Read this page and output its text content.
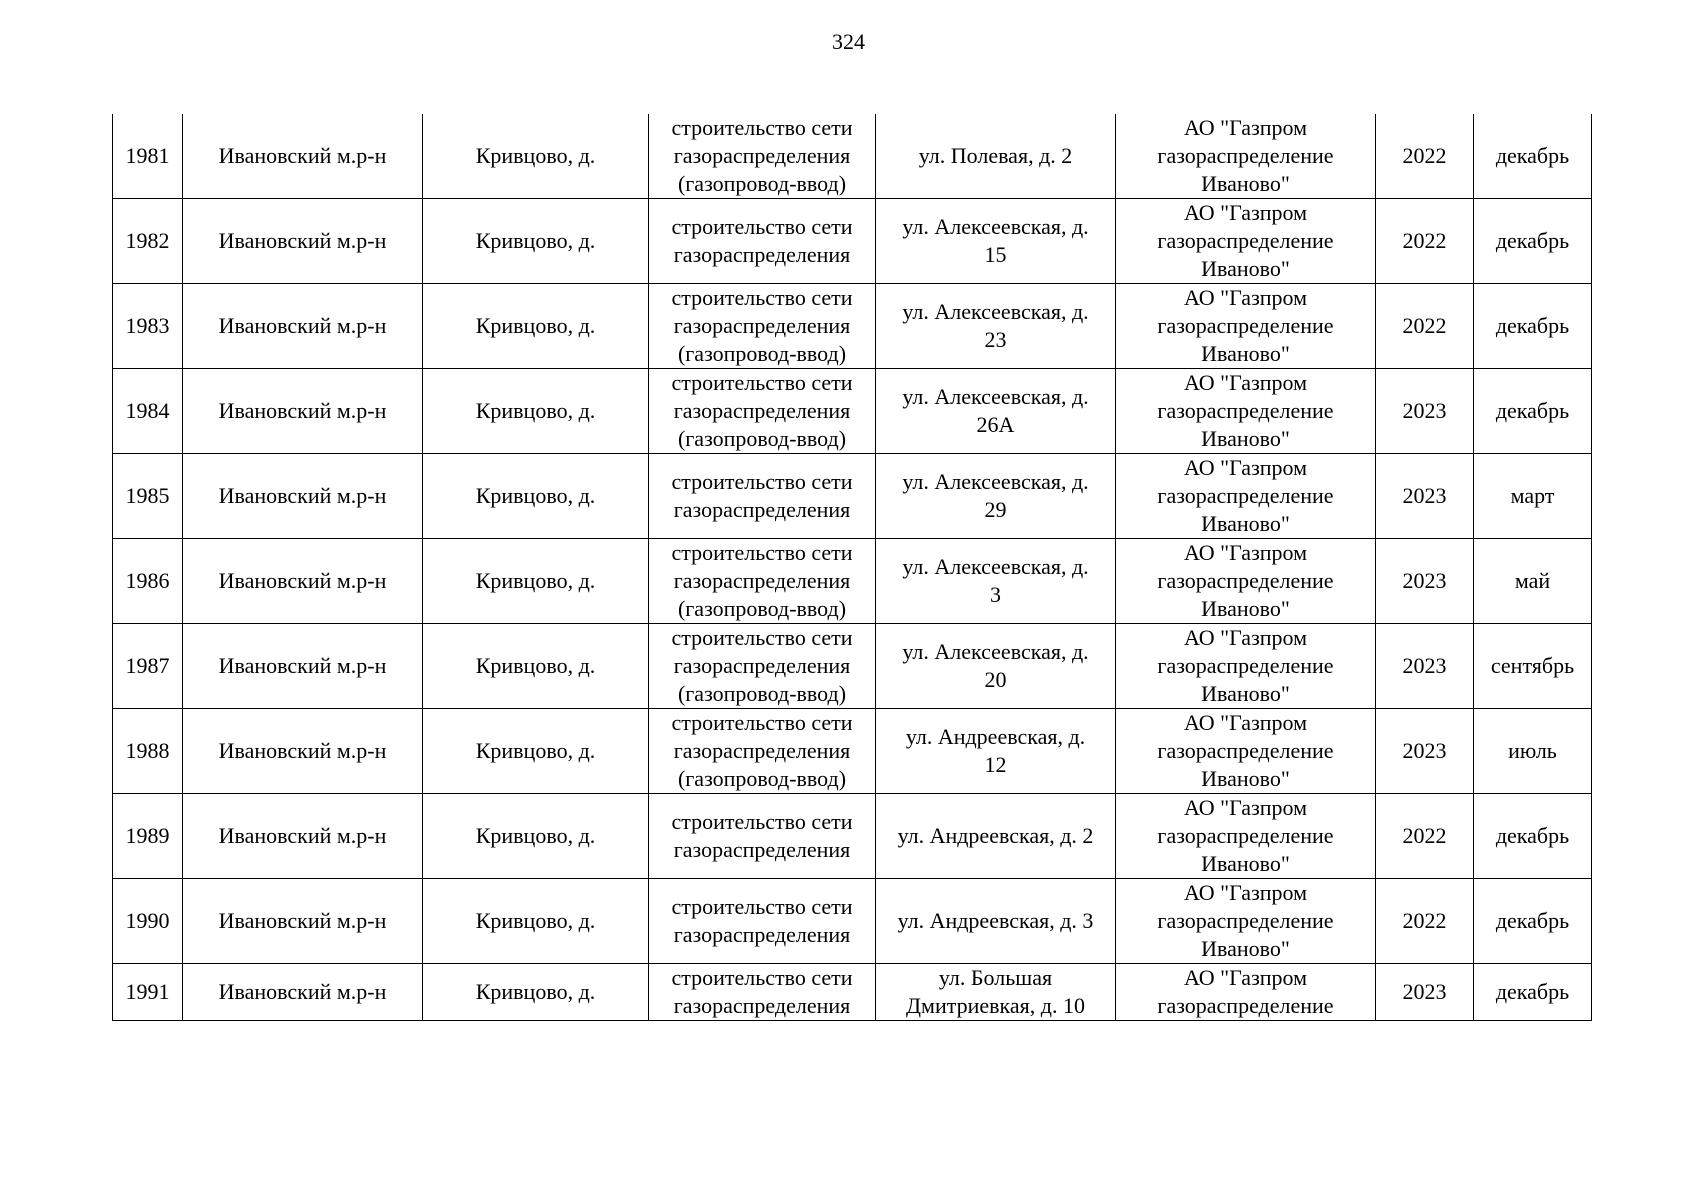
324
1981	Ивановский м.р-н	Кривцово, д.	строительство сети
газораспределения
(газопровод-ввод)	ул. Полевая, д. 2	АО "Газпром
газораспределение
Иваново"	2022	декабрь
1982	Ивановский м.р-н	Кривцово, д.	строительство сети
газораспределения	ул. Алексеевская, д.
15	АО "Газпром
газораспределение
Иваново"	2022	декабрь
1983	Ивановский м.р-н	Кривцово, д.	строительство сети
газораспределения
(газопровод-ввод)	ул. Алексеевская, д.
23	АО "Газпром
газораспределение
Иваново"	2022	декабрь
1984	Ивановский м.р-н	Кривцово, д.	строительство сети
газораспределения
(газопровод-ввод)	ул. Алексеевская, д.
26А	АО "Газпром
газораспределение
Иваново"	2023	декабрь
1985	Ивановский м.р-н	Кривцово, д.	строительство сети
газораспределения	ул. Алексеевская, д.
29	АО "Газпром
газораспределение
Иваново"	2023	март
1986	Ивановский м.р-н	Кривцово, д.	строительство сети
газораспределения
(газопровод-ввод)	ул. Алексеевская, д.
3	АО "Газпром
газораспределение
Иваново"	2023	май
1987	Ивановский м.р-н	Кривцово, д.	строительство сети
газораспределения
(газопровод-ввод)	ул. Алексеевская, д.
20	АО "Газпром
газораспределение
Иваново"	2023	сентябрь
1988	Ивановский м.р-н	Кривцово, д.	строительство сети
газораспределения
(газопровод-ввод)	ул. Андреевская, д.
12	АО "Газпром
газораспределение
Иваново"	2023	июль
1989	Ивановский м.р-н	Кривцово, д.	строительство сети
газораспределения	ул. Андреевская, д. 2	АО "Газпром
газораспределение
Иваново"	2022	декабрь
1990	Ивановский м.р-н	Кривцово, д.	строительство сети
газораспределения	ул. Андреевская, д. 3	АО "Газпром
газораспределение
Иваново"	2022	декабрь
1991	Ивановский м.р-н	Кривцово, д.	строительство сети
газораспределения	ул. Большая
Дмитриевкая, д. 10	АО "Газпром
газораспределение	2023	декабрь
